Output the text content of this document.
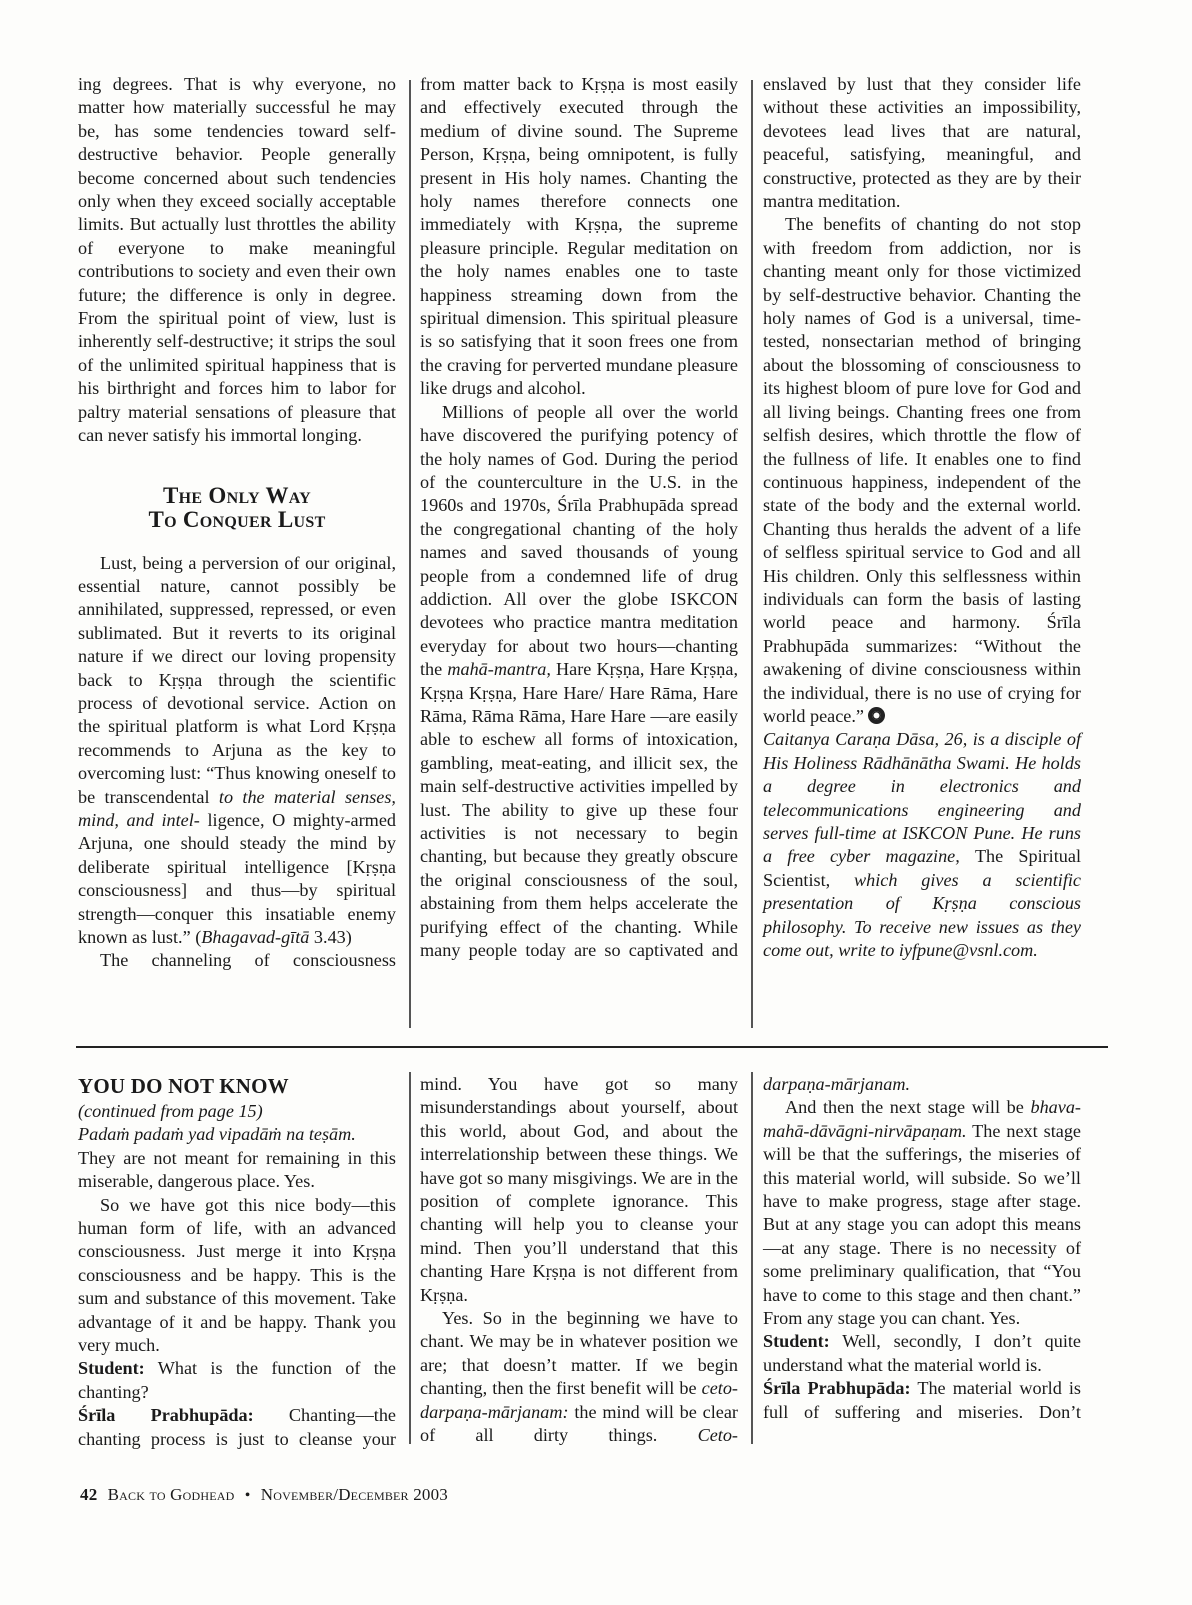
ing degrees. That is why everyone, no matter how materially successful he may be, has some tendencies toward self-destructive behavior. People generally become concerned about such tendencies only when they exceed socially acceptable limits. But actually lust throttles the ability of everyone to make meaningful contributions to society and even their own future; the difference is only in degree. From the spiritual point of view, lust is inherently self-destructive; it strips the soul of the unlimited spiritual happiness that is his birthright and forces him to labor for paltry material sensations of pleasure that can never satisfy his immortal longing.

The Only Way
To Conquer Lust

Lust, being a perversion of our original, essential nature, cannot possibly be annihilated, suppressed, repressed, or even sublimated. But it reverts to its original nature if we direct our loving propensity back to Kṛṣṇa through the scientific process of devotional service. Action on the spiritual platform is what Lord Kṛṣṇa recommends to Arjuna as the key to overcoming lust: “Thus knowing oneself to be transcendental to the material senses, mind, and intel- ligence, O mighty-armed Arjuna, one should steady the mind by deliberate spiritual intelligence [Kṛṣṇa consciousness] and thus—by spiritual strength—conquer this insatiable enemy known as lust.” (Bhagavad-gītā 3.43)

The channeling of consciousness

from matter back to Kṛṣṇa is most easily and effectively executed through the medium of divine sound. The Supreme Person, Kṛṣṇa, being omnipotent, is fully present in His holy names. Chanting the holy names therefore connects one immediately with Kṛṣṇa, the supreme pleasure principle. Regular meditation on the holy names enables one to taste happiness streaming down from the spiritual dimension. This spiritual pleasure is so satisfying that it soon frees one from the craving for perverted mundane pleasure like drugs and alcohol.

Millions of people all over the world have discovered the purifying potency of the holy names of God. During the period of the counterculture in the U.S. in the 1960s and 1970s, Śrīla Prabhupāda spread the congregational chanting of the holy names and saved thousands of young people from a condemned life of drug addiction. All over the globe ISKCON devotees who practice mantra meditation everyday for about two hours—chanting the mahā-mantra, Hare Kṛṣṇa, Hare Kṛṣṇa, Kṛṣṇa Kṛṣṇa, Hare Hare/ Hare Rāma, Hare Rāma, Rāma Rāma, Hare Hare —are easily able to eschew all forms of intoxication, gambling, meat-eating, and illicit sex, the main self-destructive activities impelled by lust. The ability to give up these four activities is not necessary to begin chanting, but because they greatly obscure the original consciousness of the soul, abstaining from them helps accelerate the purifying effect of the chanting. While many people today are so captivated and

enslaved by lust that they consider life without these activities an impossibility, devotees lead lives that are natural, peaceful, satisfying, meaningful, and constructive, protected as they are by their mantra meditation.

The benefits of chanting do not stop with freedom from addiction, nor is chanting meant only for those victimized by self-destructive behavior. Chanting the holy names of God is a universal, time-tested, nonsectarian method of bringing about the blossoming of consciousness to its highest bloom of pure love for God and all living beings. Chanting frees one from selfish desires, which throttle the flow of the fullness of life. It enables one to find continuous happiness, independent of the state of the body and the external world. Chanting thus heralds the advent of a life of selfless spiritual service to God and all His children. Only this selflessness within individuals can form the basis of lasting world peace and harmony. Śrīla Prabhupāda summarizes: “Without the awakening of divine consciousness within the individual, there is no use of crying for world peace.”

Caitanya Caraṇa Dāsa, 26, is a disciple of His Holiness Rādhānātha Swami. He holds a degree in electronics and telecommunications engineering and serves full-time at ISKCON Pune. He runs a free cyber magazine, The Spiritual Scientist, which gives a scientific presentation of Kṛṣṇa conscious philosophy. To receive new issues as they come out, write to iyfpune@vsnl.com.

YOU DO NOT KNOW

(continued from page 15)

Padaṁ padaṁ yad vipadāṁ na teṣām.

They are not meant for remaining in this miserable, dangerous place. Yes.

So we have got this nice body—this human form of life, with an advanced consciousness. Just merge it into Kṛṣṇa consciousness and be happy. This is the sum and substance of this movement. Take advantage of it and be happy. Thank you very much.

Student: What is the function of the chanting?

Śrīla Prabhupāda: Chanting—the chanting process is just to cleanse your

mind. You have got so many misunderstandings about yourself, about this world, about God, and about the interrelationship between these things. We have got so many misgivings. We are in the position of complete ignorance. This chanting will help you to cleanse your mind. Then you’ll understand that this chanting Hare Kṛṣṇa is not different from Kṛṣṇa.

Yes. So in the beginning we have to chant. We may be in whatever position we are; that doesn’t matter. If we begin chanting, then the first benefit will be ceto-darpaṇa-mārjanam: the mind will be clear of all dirty things. Ceto-

darpaṇa-mārjanam.

And then the next stage will be bhava-mahā-dāvāgni-nirvāpaṇam. The next stage will be that the sufferings, the miseries of this material world, will subside. So we’ll have to make progress, stage after stage. But at any stage you can adopt this means—at any stage. There is no necessity of some preliminary qualification, that “You have to come to this stage and then chant.” From any stage you can chant. Yes.

Student: Well, secondly, I don’t quite understand what the material world is.

Śrīla Prabhupāda: The material world is full of suffering and miseries. Don’t

42 Back to Godhead • November/December 2003
